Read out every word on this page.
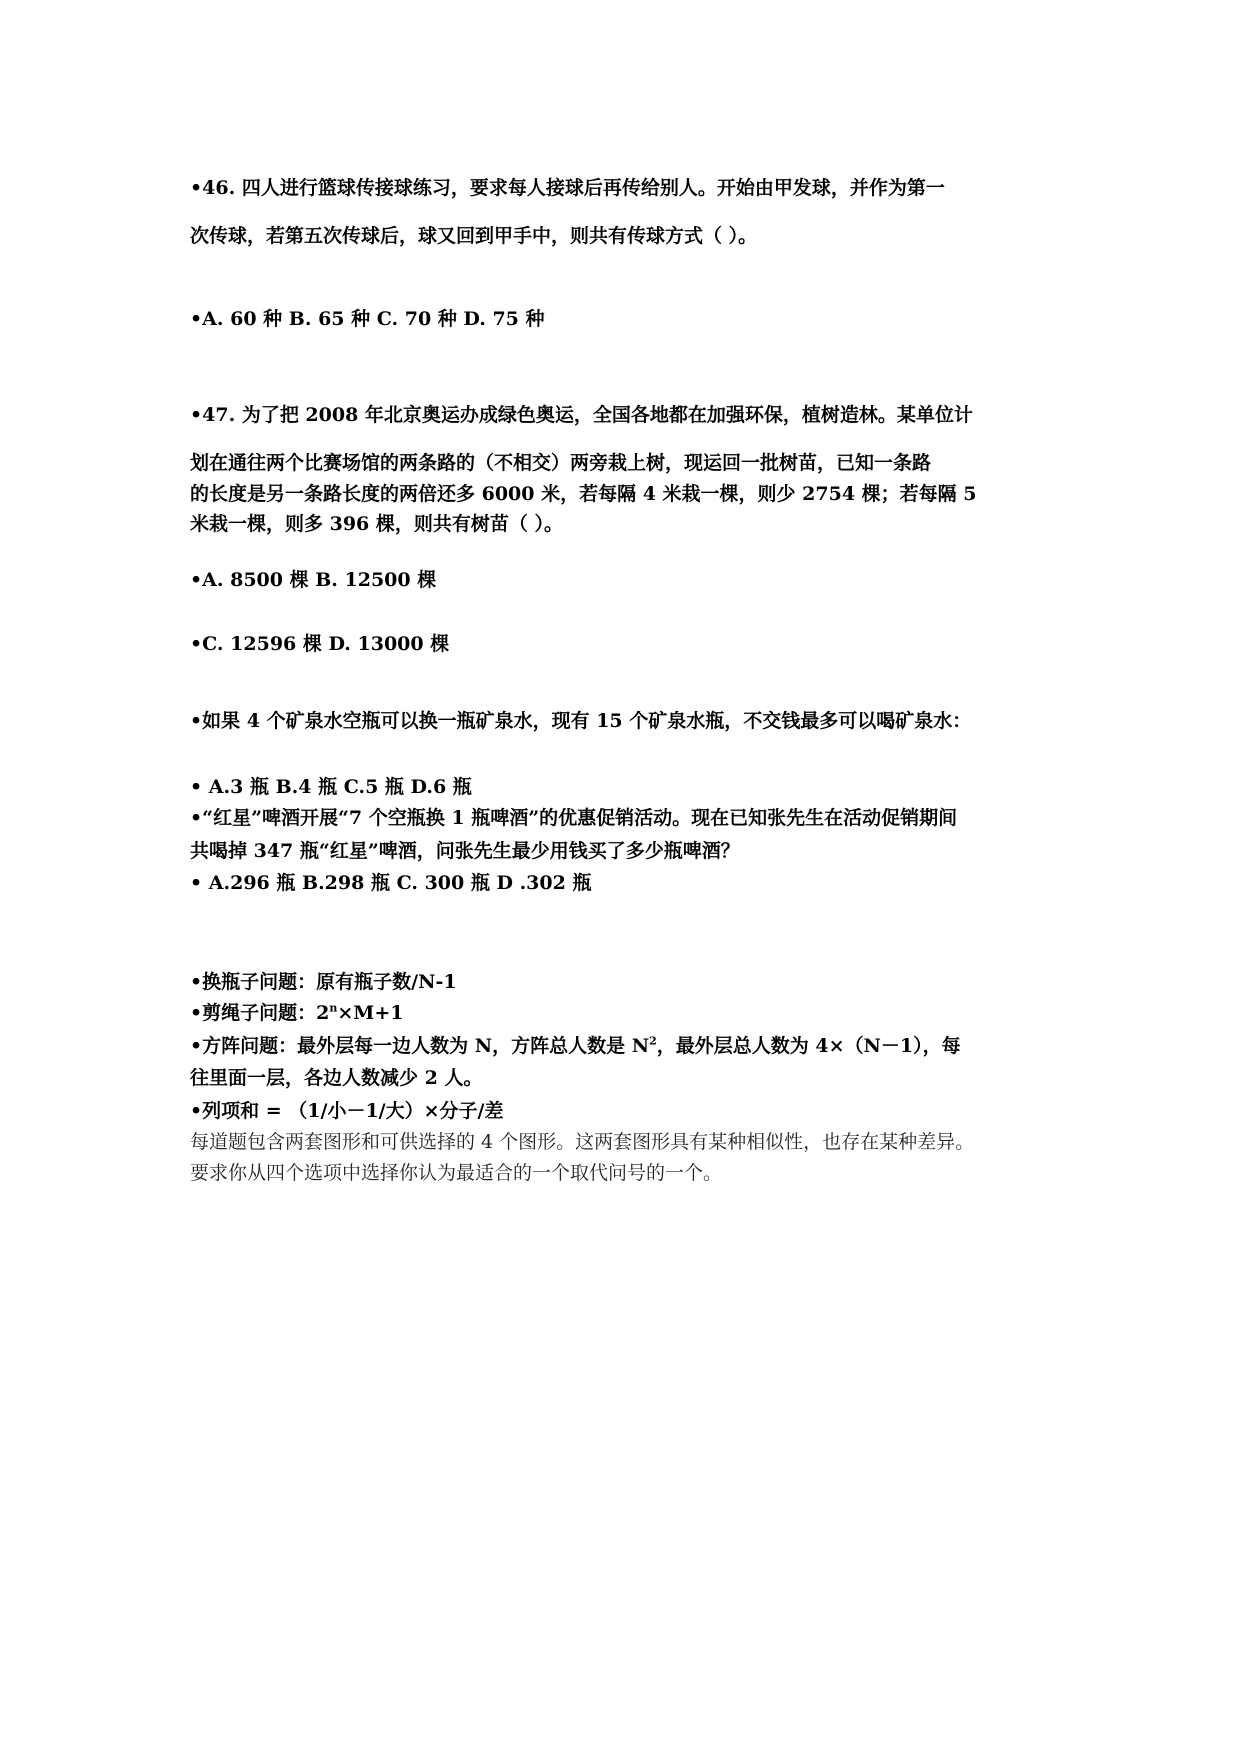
•46. 四人进行篮球传接球练习，要求每人接球后再传给别人。开始由甲发球，并作为第一
次传球，若第五次传球后，球又回到甲手中，则共有传球方式（ ）。
•A. 60 种 B. 65 种 C. 70 种 D. 75 种
•47. 为了把 2008 年北京奥运办成绿色奥运，全国各地都在加强环保，植树造林。某单位计
划在通往两个比赛场馆的两条路的（不相交）两旁栽上树，现运回一批树苗，已知一条路
的长度是另一条路长度的两倍还多 6000 米，若每隔 4 米栽一棵，则少 2754 棵；若每隔 5
米栽一棵，则多 396 棵，则共有树苗（ ）。
•A. 8500 棵 B. 12500 棵
•C. 12596 棵 D. 13000 棵
•如果 4 个矿泉水空瓶可以换一瓶矿泉水，现有 15 个矿泉水瓶，不交钱最多可以喝矿泉水：
• A.3 瓶 B.4 瓶 C.5 瓶 D.6 瓶
•“红星”啤酒开展“7 个空瓶换 1 瓶啤酒”的优惠促销活动。现在已知张先生在活动促销期间
共喝掉 347 瓶“红星”啤酒，问张先生最少用钱买了多少瓶啤酒？
• A.296 瓶 B.298 瓶 C. 300 瓶 D .302 瓶
•换瓶子问题：原有瓶子数/N-1
•剪绳子问题：$2^n\times M+1$
•方阵问题：最外层每一边人数为 N，方阵总人数是 $N^2$，最外层总人数为 4×（N－1），每
往里面一层，各边人数减少 2 人。
•列项和 = （1/小－1/大）×分子/差
每道题包含两套图形和可供选择的 4 个图形。这两套图形具有某种相似性，也存在某种差异。
要求你从四个选项中选择你认为最适合的一个取代问号的一个。
